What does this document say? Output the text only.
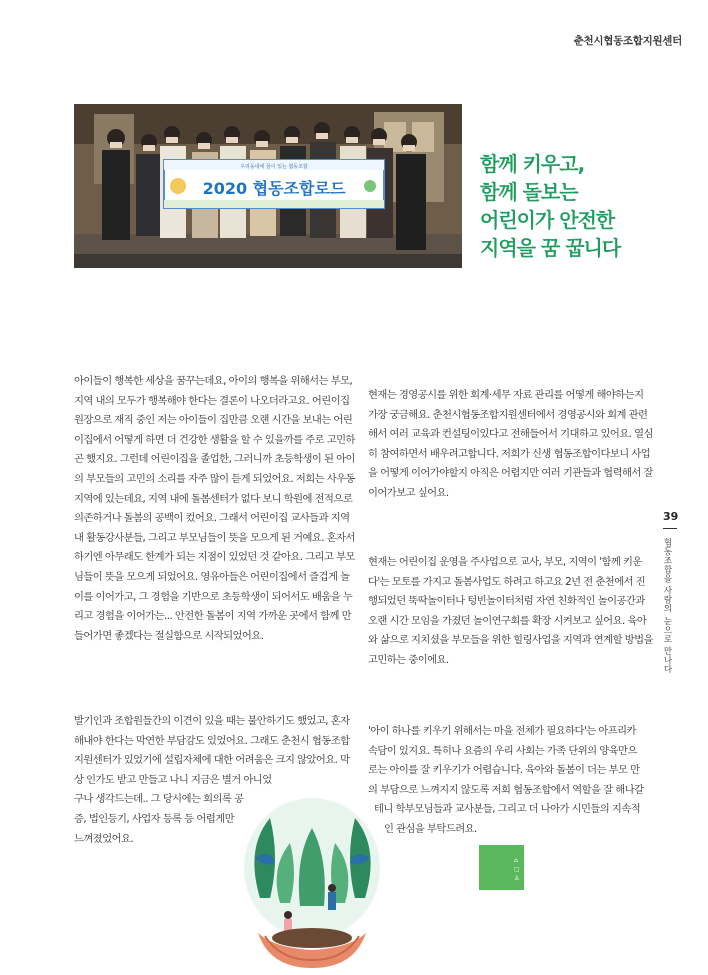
춘천시협동조합지원센터
우리동네에 꿈이 있는 협동조합
2020 협동조합로드
함께 키우고,
함께 돌보는
어린이가 안전한
지역을 꿈 꿉니다

아이들이 행복한 세상을 꿈꾸는데요, 아이의 행복을 위해서는 부모, 지역 내의 모두가 행복해야 한다는 결론이 나오더라고요. 어린이집 원장으로 재직 중인 저는 아이들이 집만큼 오랜 시간을 보내는 어린이집에서 어떻게 하면 더 건강한 생활을 할 수 있을까를 주로 고민하곤 했지요. 그런데 어린이집을 졸업한, 그러니까 초등학생이 된 아이의 부모들의 고민의 소리를 자주 많이 듣게 되었어요. 저희는 사우동 지역에 있는데요, 지역 내에 돌봄센터가 없다 보니 학원에 전적으로 의존하거나 돌봄의 공백이 컸어요. 그래서 어린이집 교사들과 지역 내 활동강사분들, 그리고 부모님들이 뜻을 모으게 된 거예요. 혼자서 하기엔 아무래도 한계가 되는 지점이 있었던 것 같아요. 그리고 부모님들이 뜻을 모으게 되었어요. 영유아들은 어린이집에서 즐겁게 놀이를 이어가고, 그 경험을 기반으로 초등학생이 되어서도 배움을 누리고 경험을 이어가는... 안전한 돌봄이 지역 가까운 곳에서 함께 만들어가면 좋겠다는 절실함으로 시작되었어요.

발기인과 조합원들간의 이견이 있을 때는 불안하기도 했었고, 혼자

해내야 한다는 막연한 부담감도 있었어요. 그래도 춘천시 협동조합

지원센터가 있었기에 설립자체에 대한 어려움은 크지 않았어요. 막

상 인가도 받고 만들고 나니 지금은 별거 아니었

구나 생각드는데.. 그 당시에는 회의록 공

증, 법인등기, 사업자 등록 등 어렵게만

느껴졌었어요.

현재는 경영공시를 위한 회계·세무 자료 관리를 어떻게 해야하는지 가장 궁금해요. 춘천시협동조합지원센터에서 경영공시와 회계 관련해서 여러 교육과 컨설팅이있다고 전해들어서 기대하고 있어요. 열심히 참여하면서 배우려고합니다. 저희가 신생 협동조합이다보니 사업을 어떻게 이어가야할지 아직은 어렵지만 여러 기관들과 협력해서 잘 이어가보고 싶어요.

현재는 어린이집 운영을 주사업으로 교사, 부모, 지역이 '함께 키운다'는 모토를 가지고 돌봄사업도 하려고 하고요 2년 전 춘천에서 진행되었던 뚝딱놀이터나 텅빈놀이터처럼 자연 친화적인 놀이공간과 오랜 시간 모임을 가졌던 놀이연구회를 확장 시켜보고 싶어요. 육아와 삶으로 지치셨을 부모들을 위한 힐링사업을 지역과 연계할 방법을 고민하는 중이에요.

'아이 하나를 키우기 위해서는 마을 전체가 필요하다'는 아프리카

속담이 있지요. 특히나 요즘의 우리 사회는 가족 단위의 양육만으

로는 아이를 잘 키우기가 어렵습니다. 육아와 돌봄이 더는 부모 만

의 부담으로 느껴지지 않도록 저희 협동조합에서 역할을 잘 해나갈

테니 학부모님들과 교사분들, 그리고 더 나아가 시민들의 지속적

인 관심을 부탁드려요.

39
협동조합을 사람의 눈으로 만나다
⌂
▢
♙
